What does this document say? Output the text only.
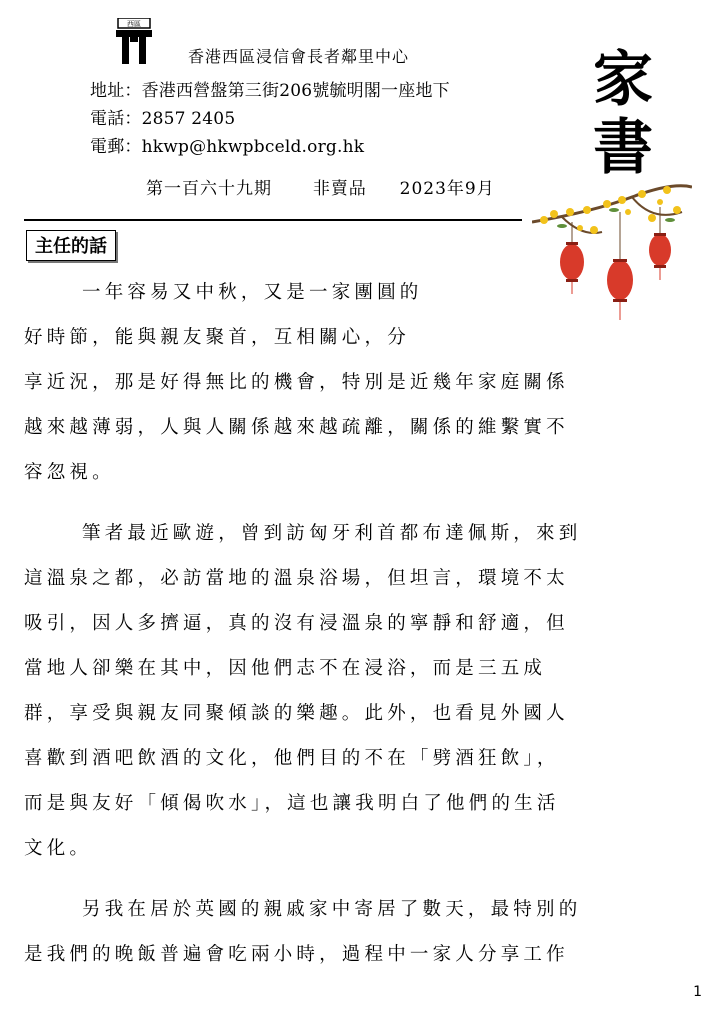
西區
香港西區浸信會長者鄰里中心
地址：香港西營盤第三街206號毓明閣一座地下
電話：2857 2405
電郵：hkwp@hkwpbceld.org.hk
第一百六十九期 非賣品 2023年9月
家
書
主任的話
一年容易又中秋，又是一家團圓的
好時節，能與親友聚首，互相關心，分
享近況，那是好得無比的機會，特別是近幾年家庭關係
越來越薄弱，人與人關係越來越疏離，關係的維繫實不
容忽視。
筆者最近歐遊，曾到訪匈牙利首都布達佩斯，來到
這溫泉之都，必訪當地的溫泉浴場，但坦言，環境不太
吸引，因人多擠逼，真的沒有浸溫泉的寧靜和舒適，但
當地人卻樂在其中，因他們志不在浸浴，而是三五成
群，享受與親友同聚傾談的樂趣。此外，也看見外國人
喜歡到酒吧飲酒的文化，他們目的不在「劈酒狂飲」，
而是與友好「傾偈吹水」，這也讓我明白了他們的生活
文化。
另我在居於英國的親戚家中寄居了數天，最特別的
是我們的晚飯普遍會吃兩小時，過程中一家人分享工作
1
